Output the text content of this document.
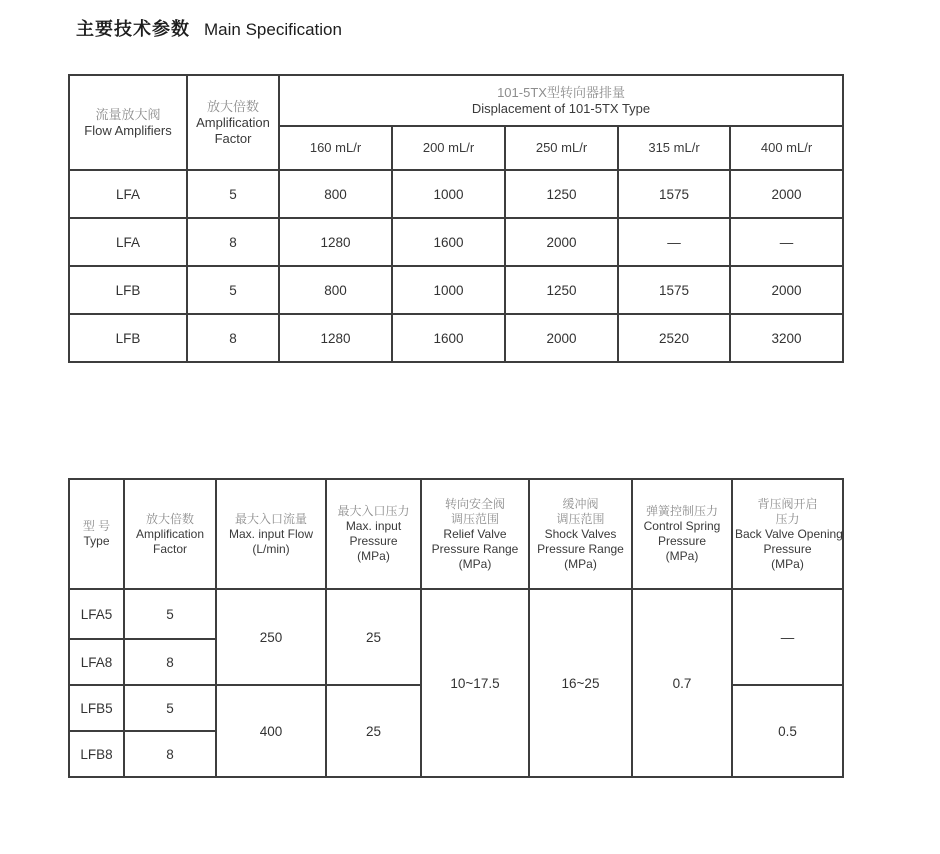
主要技术参数 Main Specification
流量放大阀
Flow Amplifiers

放大倍数
Amplification
Factor

101-5TX型转向器排量
Displacement of 101-5TX Type

		160 mL/r	200 mL/r	250 mL/r	315 mL/r	400 mL/r

LFA	5	800	1000	1250	1575	2000
LFA	8	1280	1600	2000	—	—
LFB	5	800	1000	1250	1575	2000
LFB	8	1280	1600	2000	2520	3200
型 号
Type

放大倍数
Amplification
Factor

最大入口流量
Max. input Flow
(L/min)

最大入口压力
Max. input
Pressure
(MPa)

转向安全阀
调压范围
Relief Valve
Pressure Range
(MPa)

缓冲阀
调压范围
Shock Valves
Pressure Range
(MPa)

弹簧控制压力
Control Spring
Pressure
(MPa)

背压阀开启
压力
Back Valve Opening
Pressure
(MPa)

LFA5	5	250	25	10~17.5	16~25	0.7	—
LFA8	8						
LFB5	5	400	25				0.5
LFB8	8						
